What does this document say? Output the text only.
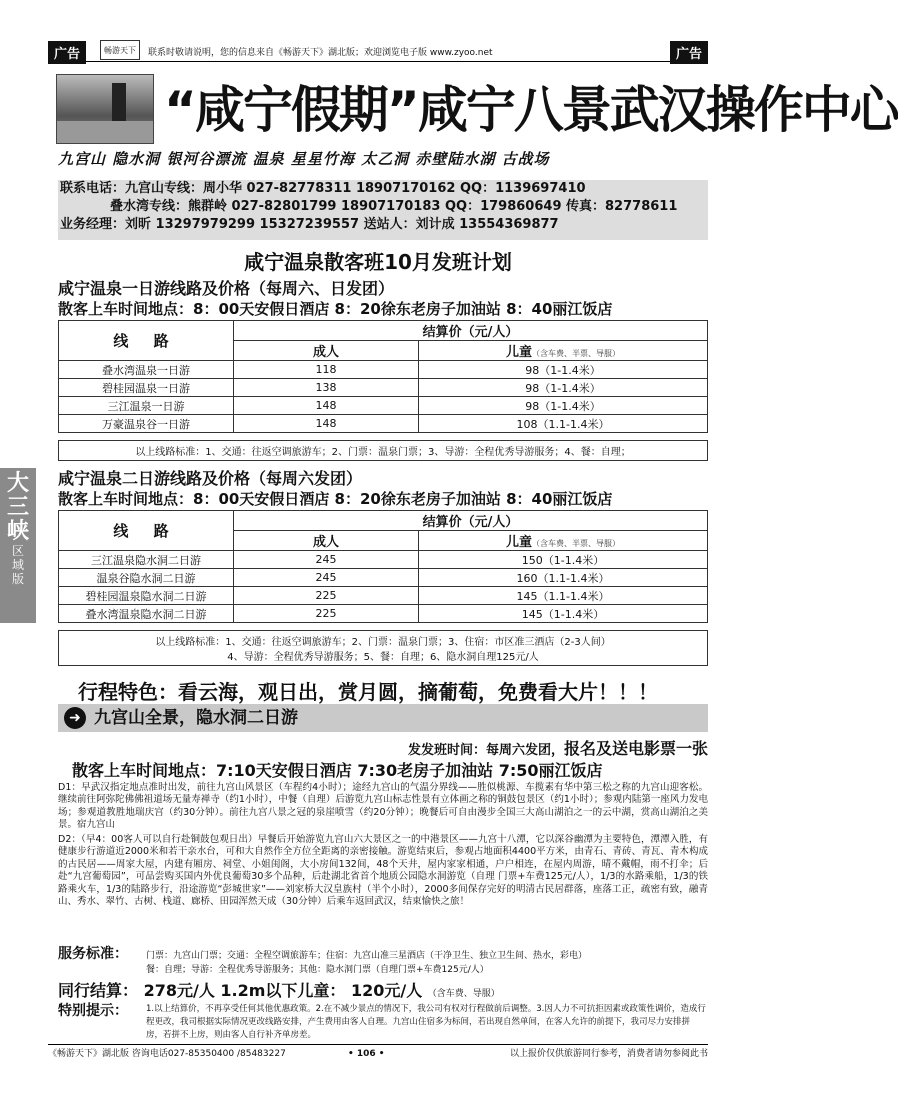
大
三
峡
区
域
版
广告	畅游天下	联系时敬请说明，您的信息来自《畅游天下》湖北版；欢迎浏览电子版 www.zyoo.net	广告
“咸宁假期”咸宁八景武汉操作中心
九宫山 隐水洞 银河谷漂流 温泉 星星竹海 太乙洞 赤壁陆水湖 古战场
联系电话：九宫山专线：周小华 027-82778311 18907170162 QQ：1139697410
叠水湾专线：熊群岭 027-82801799 18907170183 QQ：179860649 传真：82778611
业务经理：刘昕 13297979299 15327239557 送站人：刘计成 13554369877
咸宁温泉散客班10月发班计划
咸宁温泉一日游线路及价格（每周六、日发团）
散客上车时间地点：8：00天安假日酒店 8：20徐东老房子加油站 8：40丽江饭店
线 路	结算价（元/人）	
	成人	儿童（含车费、半票、导服）
叠水湾温泉一日游	118	98（1-1.4米）
碧桂园温泉一日游	138	98（1-1.4米）
三江温泉一日游	148	98（1-1.4米）
万豪温泉谷一日游	148	108（1.1-1.4米）
以上线路标准：1、交通：往返空调旅游车；2、门票：温泉门票；3、导游：全程优秀导游服务；4、餐：自理；
咸宁温泉二日游线路及价格（每周六发团）
散客上车时间地点：8：00天安假日酒店 8：20徐东老房子加油站 8：40丽江饭店
线 路	结算价（元/人）	
	成人	儿童（含车费、半票、导服）
三江温泉隐水洞二日游	245	150（1-1.4米）
温泉谷隐水洞二日游	245	160（1.1-1.4米）
碧桂园温泉隐水洞二日游	225	145（1.1-1.4米）
叠水湾温泉隐水洞二日游	225	145（1-1.4米）
以上线路标准：1、交通：往返空调旅游车；2、门票：温泉门票；3、住宿：市区准三酒店（2-3人间）
4、导游：全程优秀导游服务；5、餐：自理；6、隐水洞自理125元/人
行程特色：看云海，观日出，赏月圆，摘葡萄，免费看大片！！！
➜ 九宫山全景，隐水洞二日游
发发班时间：每周六发团，报名及送电影票一张
散客上车时间地点：7:10天安假日酒店 7:30老房子加油站 7:50丽江饭店
D1：早武汉指定地点准时出发，前往九宫山风景区（车程约4小时）；途经九宫山的气温分界线——胜似桃源、车揽素有华中第三松之称的九宫山迎客松。继续前往阿弥陀佛佛祖道场无量寿禅寺（约1小时），中餐（自理）后游览九宫山标志性景有立体画之称的铜鼓包景区（约1小时）；参观内陆第一座风力发电场；参观道教胜地瑞庆宫（约30分钟）。前往九宫八景之冠的泉崖喷雪（约20分钟）；晚餐后可自由漫步全国三大高山湖泊之一的云中湖，赏高山湖泊之美景。宿九宫山
D2：（早4：00客人可以自行赴铜鼓包观日出）早餐后开始游览九宫山六大景区之一的中港景区——九宫十八潭，它以深谷幽潭为主要特色，潭潭入胜，有健康步行游道近2000米和若干亲水台，可和大自然作全方位全距离的亲密接触。游览结束后，参观占地面积4400平方米，由青石、青砖、青瓦、青木构成的古民居——周家大屋，内建有厢房、祠堂、小姐闺阁，大小房间132间，48个天井，屋内家家相通，户户相连，在屋内周游，晴不戴帽，雨不打伞；后赴“九宫葡萄园”，可品尝购买国内外优良葡萄30多个品种，后赴湖北省首个地质公园隐水洞游览（自理 门票+车费125元/人），1/3的水路乘船，1/3的铁路乘火车，1/3的陆路步行，沿途游览“彭城世家”——刘家桥大汉皇族村（半个小时），2000多间保存完好的明清古民居群落，座落工正，疏密有致，融青山、秀水、翠竹、古树、栈道、廊桥、田园浑然天成（30分钟）后乘车返回武汉，结束愉快之旅！
服务标准： 门票：九宫山门票；交通：全程空调旅游车；住宿：九宫山准三星酒店（干净卫生、独立卫生间、热水，彩电）
餐：自理；导游：全程优秀导游服务；其他：隐水洞门票（自理门票+车费125元/人）
同行结算： 278元/人 1.2m以下儿童： 120元/人 （含车费、导服）
特别提示： 1.以上结算价，不再享受任何其他优惠政策。2.在不减少景点的情况下，我公司有权对行程做前后调整。3.因人力不可抗拒因素或政策性调价，造成行程更改，我司根据实际情况更改线路安排，产生费用由客人自理。九宫山住宿多为标间，若出现自然单间，在客人允许的前提下，我司尽力安排拼房，若拼不上房，则由客人自行补齐单房差。
《畅游天下》湖北版 咨询电话027-85350400 /85483227	• 106 •	以上报价仅供旅游同行参考，消费者请勿参阅此书
